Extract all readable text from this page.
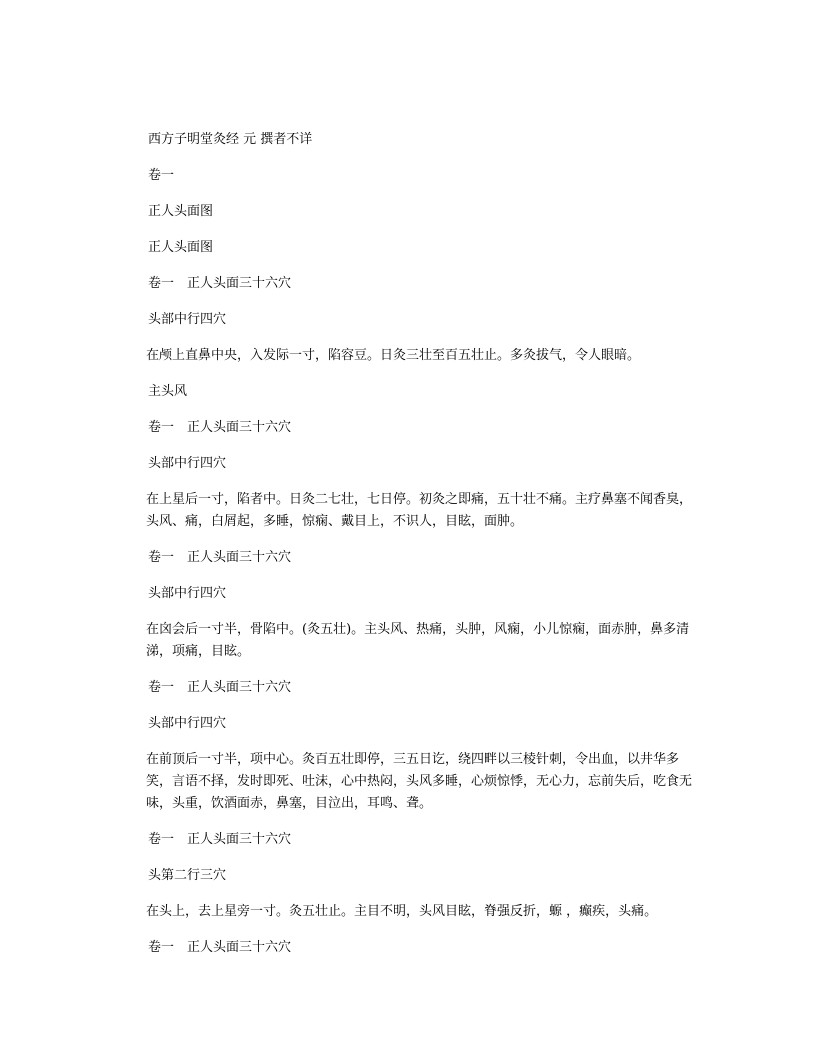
西方子明堂灸经 元 撰者不详

卷一

正人头面图

正人头面图

卷一　正人头面三十六穴

头部中行四穴

在颅上直鼻中央，入发际一寸，陷容豆。日灸三壮至百五壮止。多灸拔气，令人眼暗。

主头风

卷一　正人头面三十六穴

头部中行四穴

在上星后一寸，陷者中。日灸二七壮，七日停。初灸之即痛，五十壮不痛。主疗鼻塞不闻香臭，头风、痛，白屑起，多睡，惊痫、戴目上，不识人，目眩，面肿。

卷一　正人头面三十六穴

头部中行四穴

在囟会后一寸半，骨陷中。(灸五壮)。主头风、热痛，头肿，风痫，小儿惊痫，面赤肿，鼻多清涕，项痛，目眩。

卷一　正人头面三十六穴

头部中行四穴

在前顶后一寸半，项中心。灸百五壮即停，三五日讫，绕四畔以三棱针刺，令出血，以井华多笑，言语不择，发时即死、吐沫，心中热闷，头风多睡，心烦惊悸，无心力，忘前失后，吃食无味，头重，饮酒面赤，鼻塞，目泣出，耳鸣、聋。

卷一　正人头面三十六穴

头第二行三穴

在头上，去上星旁一寸。灸五壮止。主目不明，头风目眩，脊强反折，螈 ，癫疾，头痛。

卷一　正人头面三十六穴
